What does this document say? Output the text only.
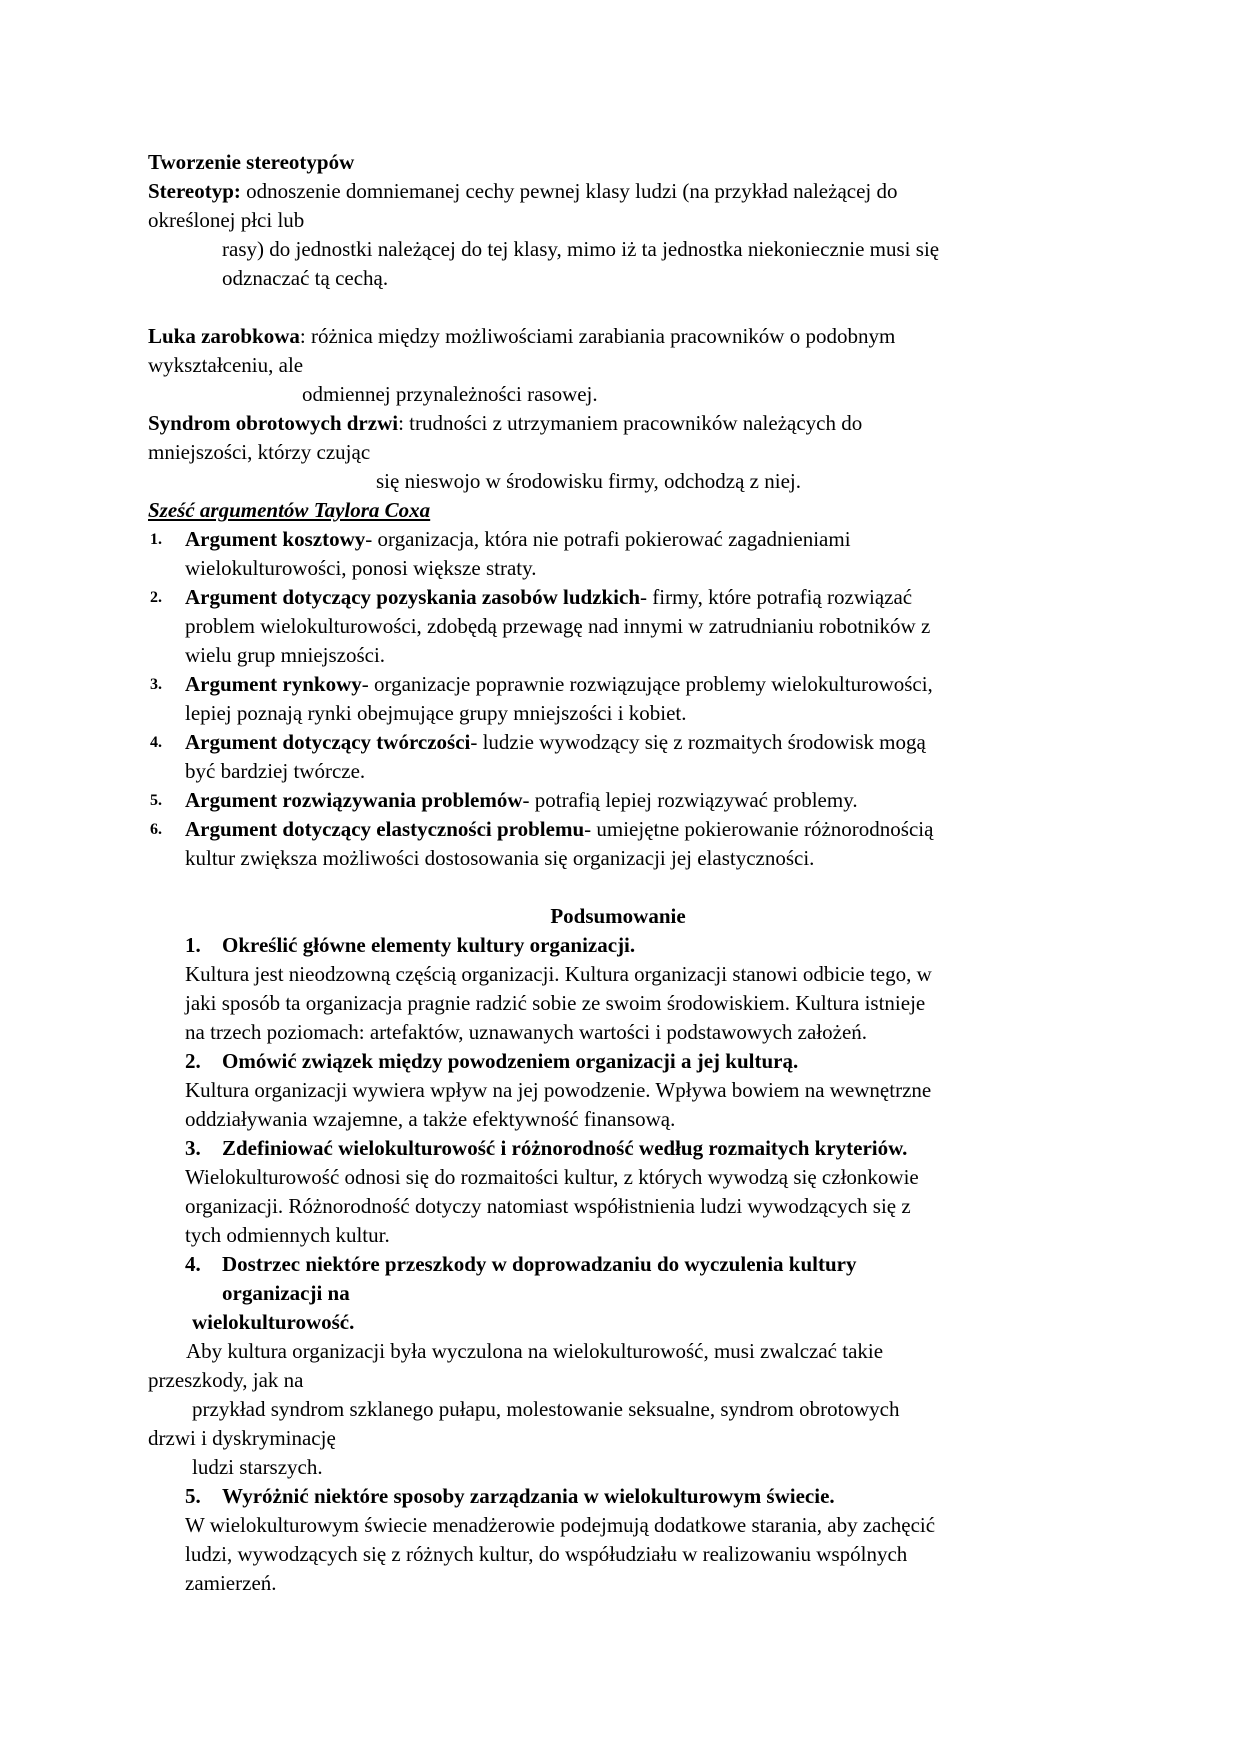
Tworzenie stereotypów

Stereotyp: odnoszenie domniemanej cechy pewnej klasy ludzi (na przykład należącej do

określonej płci lub

rasy) do jednostki należącej do tej klasy, mimo iż ta jednostka niekoniecznie musi się

odznaczać tą cechą.

Luka zarobkowa: różnica między możliwościami zarabiania pracowników o podobnym

wykształceniu, ale

odmiennej przynależności rasowej.

Syndrom obrotowych drzwi: trudności z utrzymaniem pracowników należących do

mniejszości, którzy czując

się nieswojo w środowisku firmy, odchodzą z niej.

Sześć argumentów Taylora Coxa

1. Argument kosztowy- organizacja, która nie potrafi pokierować zagadnieniami
wielokulturowości, ponosi większe straty.
2. Argument dotyczący pozyskania zasobów ludzkich- firmy, które potrafią rozwiązać
problem wielokulturowości, zdobędą przewagę nad innymi w zatrudnianiu robotników z
wielu grup mniejszości.
3. Argument rynkowy- organizacje poprawnie rozwiązujące problemy wielokulturowości,
lepiej poznają rynki obejmujące grupy mniejszości i kobiet.
4. Argument dotyczący twórczości- ludzie wywodzący się z rozmaitych środowisk mogą
być bardziej twórcze.
5. Argument rozwiązywania problemów- potrafią lepiej rozwiązywać problemy.
6. Argument dotyczący elastyczności problemu- umiejętne pokierowanie różnorodnością
kultur zwiększa możliwości dostosowania się organizacji jej elastyczności.

Podsumowanie

1. Określić główne elementy kultury organizacji.

Kultura jest nieodzowną częścią organizacji. Kultura organizacji stanowi odbicie tego, w

jaki sposób ta organizacja pragnie radzić sobie ze swoim środowiskiem. Kultura istnieje

na trzech poziomach: artefaktów, uznawanych wartości i podstawowych założeń.

2. Omówić związek między powodzeniem organizacji a jej kulturą.

Kultura organizacji wywiera wpływ na jej powodzenie. Wpływa bowiem na wewnętrzne

oddziaływania wzajemne, a także efektywność finansową.

3. Zdefiniować wielokulturowość i różnorodność według rozmaitych kryteriów.

Wielokulturowość odnosi się do rozmaitości kultur, z których wywodzą się członkowie

organizacji. Różnorodność dotyczy natomiast współistnienia ludzi wywodzących się z

tych odmiennych kultur.

4. Dostrzec niektóre przeszkody w doprowadzaniu do wyczulenia kultury

organizacji na

wielokulturowość.

Aby kultura organizacji była wyczulona na wielokulturowość, musi zwalczać takie

przeszkody, jak na

przykład syndrom szklanego pułapu, molestowanie seksualne, syndrom obrotowych

drzwi i dyskryminację

ludzi starszych.

5. Wyróżnić niektóre sposoby zarządzania w wielokulturowym świecie.

W wielokulturowym świecie menadżerowie podejmują dodatkowe starania, aby zachęcić

ludzi, wywodzących się z różnych kultur, do współudziału w realizowaniu wspólnych

zamierzeń.
